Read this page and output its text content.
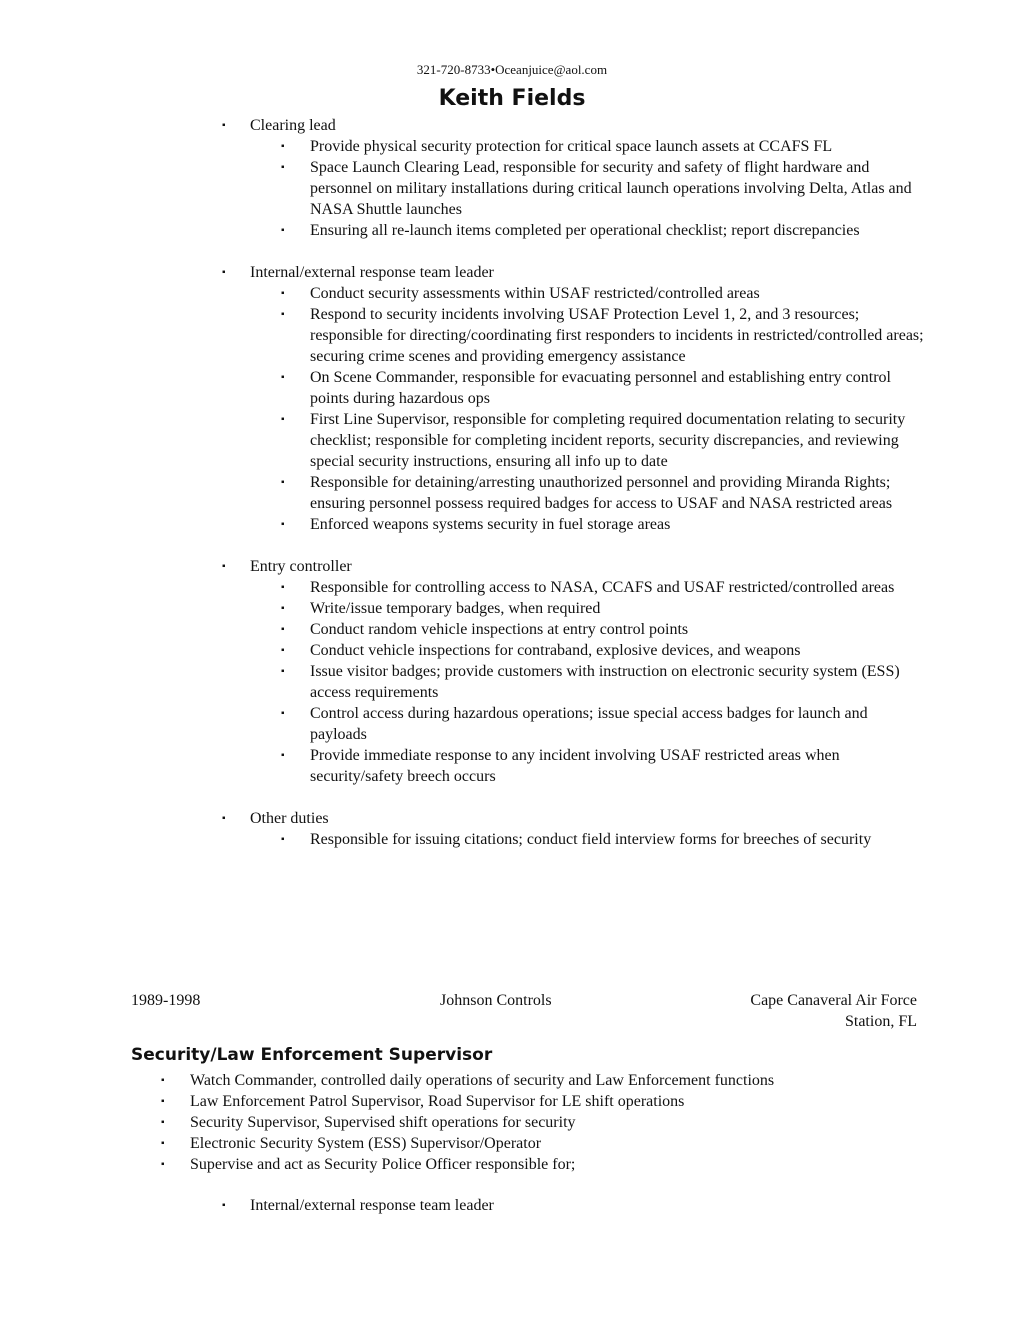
321-720-8733•Oceanjuice@aol.com
Keith Fields
▪ Clearing lead
▪ Provide physical security protection for critical space launch assets at CCAFS FL
▪ Space Launch Clearing Lead, responsible for security and safety of flight hardware and personnel on military installations during critical launch operations involving Delta, Atlas and NASA Shuttle launches
▪ Ensuring all re-launch items completed per operational checklist; report discrepancies
▪ Internal/external response team leader
▪ Conduct security assessments within USAF restricted/controlled areas
▪ Respond to security incidents involving USAF Protection Level 1, 2, and 3 resources; responsible for directing/coordinating first responders to incidents in restricted/controlled areas; securing crime scenes and providing emergency assistance
▪ On Scene Commander, responsible for evacuating personnel and establishing entry control points during hazardous ops
▪ First Line Supervisor, responsible for completing required documentation relating to security checklist; responsible for completing incident reports, security discrepancies, and reviewing special security instructions, ensuring all info up to date
▪ Responsible for detaining/arresting unauthorized personnel and providing Miranda Rights; ensuring personnel possess required badges for access to USAF and NASA restricted areas
▪ Enforced weapons systems security in fuel storage areas
▪ Entry controller
▪ Responsible for controlling access to NASA, CCAFS and USAF restricted/controlled areas
▪ Write/issue temporary badges, when required
▪ Conduct random vehicle inspections at entry control points
▪ Conduct vehicle inspections for contraband, explosive devices, and weapons
▪ Issue visitor badges; provide customers with instruction on electronic security system (ESS) access requirements
▪ Control access during hazardous operations; issue special access badges for launch and payloads
▪ Provide immediate response to any incident involving USAF restricted areas when security/safety breech occurs
▪ Other duties
▪ Responsible for issuing citations; conduct field interview forms for breeches of security
1989-1998	Johnson Controls	Cape Canaveral Air Force
Station, FL
Security/Law Enforcement Supervisor
▪ Watch Commander, controlled daily operations of security and Law Enforcement functions
▪ Law Enforcement Patrol Supervisor, Road Supervisor for LE shift operations
▪ Security Supervisor, Supervised shift operations for security
▪ Electronic Security System (ESS) Supervisor/Operator
▪ Supervise and act as Security Police Officer responsible for;
▪ Internal/external response team leader
